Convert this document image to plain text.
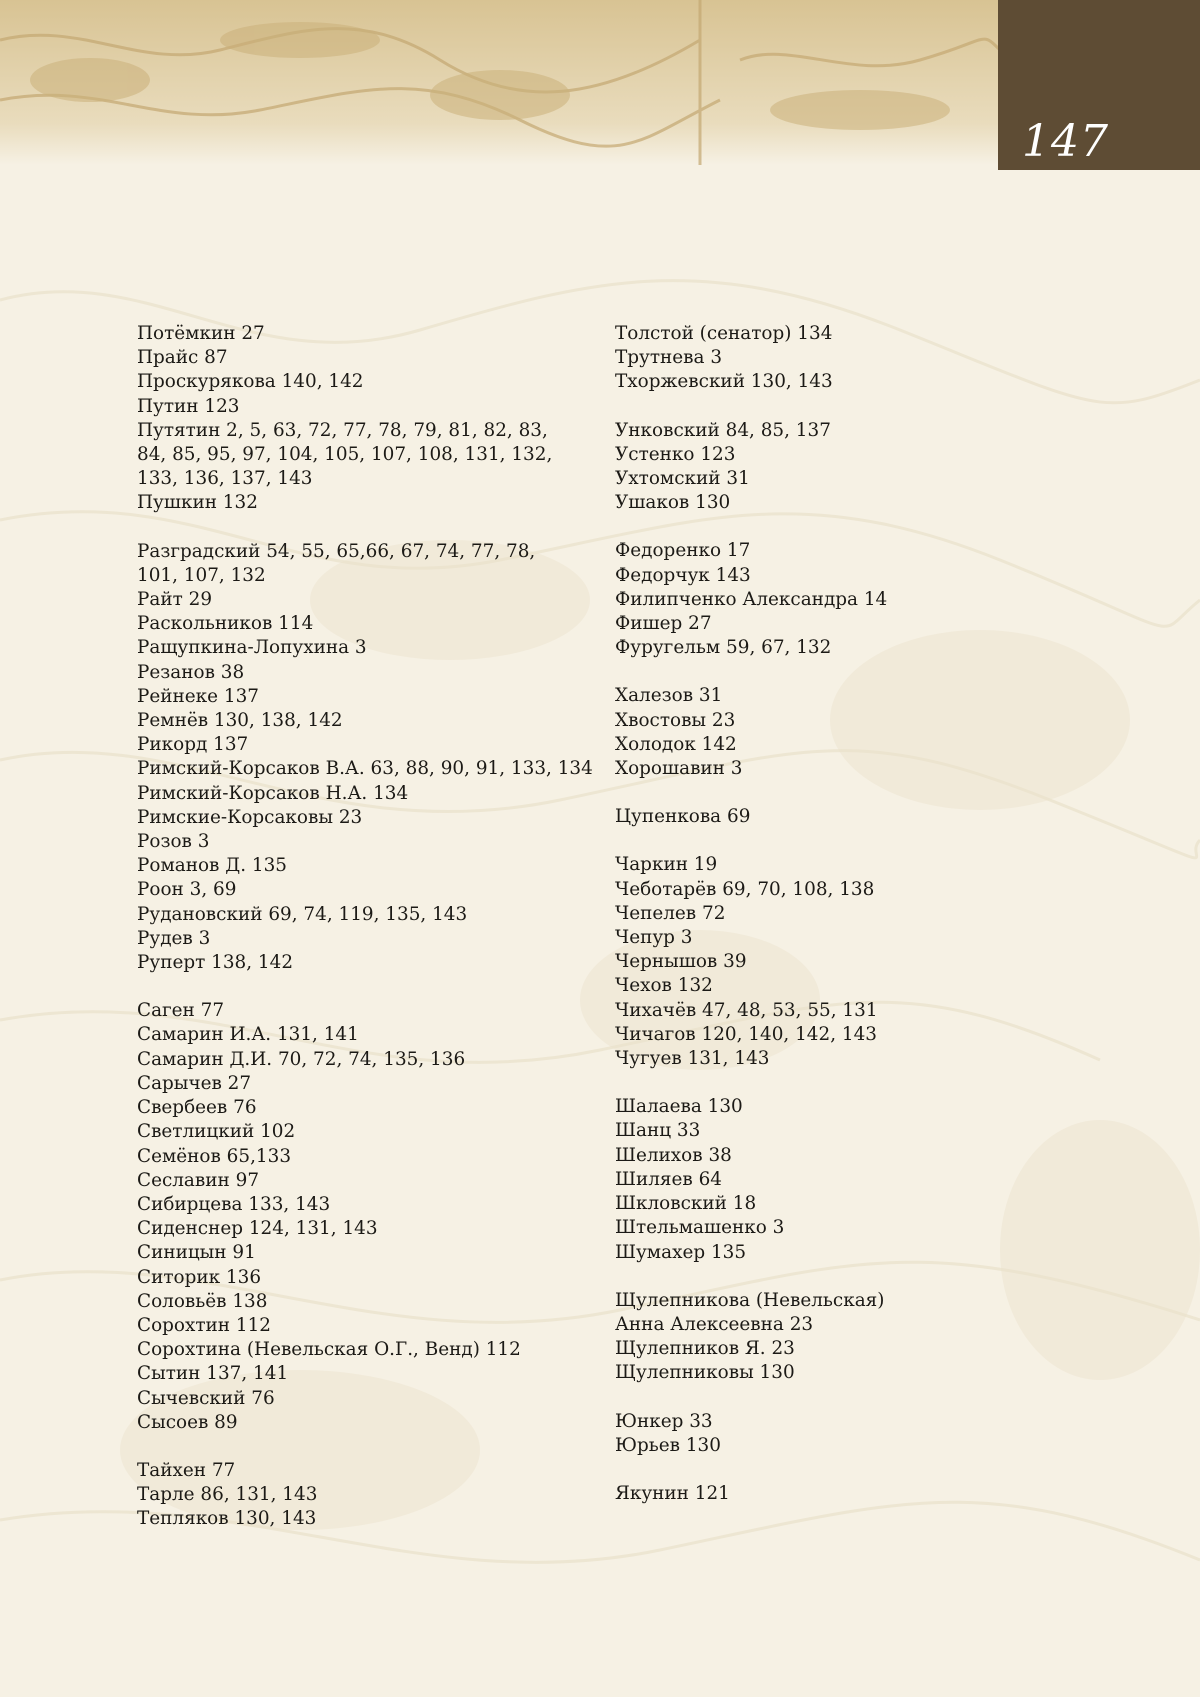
147
Потёмкин 27
Прайс 87
Проскурякова 140, 142
Путин 123
Путятин 2, 5, 63, 72, 77, 78, 79, 81, 82, 83,
84, 85, 95, 97, 104, 105, 107, 108, 131, 132,
133, 136, 137, 143
Пушкин 132
Разградский 54, 55, 65,66, 67, 74, 77, 78,
101, 107, 132
Райт 29
Раскольников 114
Ращупкина-Лопухина 3
Резанов 38
Рейнеке 137
Ремнёв 130, 138, 142
Рикорд 137
Римский-Корсаков В.А. 63, 88, 90, 91, 133, 134
Римский-Корсаков Н.А. 134
Римские-Корсаковы 23
Розов 3
Романов Д. 135
Роон 3, 69
Рудановский 69, 74, 119, 135, 143
Рудев 3
Руперт 138, 142
Саген 77
Самарин И.А. 131, 141
Самарин Д.И. 70, 72, 74, 135, 136
Сарычев 27
Свербеев 76
Светлицкий 102
Семёнов 65,133
Сеславин 97
Сибирцева 133, 143
Сиденснер 124, 131, 143
Синицын 91
Ситорик 136
Соловьёв 138
Сорохтин 112
Сорохтина (Невельская О.Г., Венд) 112
Сытин 137, 141
Сычевский 76
Сысоев 89
Тайхен 77
Тарле 86, 131, 143
Тепляков 130, 143
Толстой (сенатор) 134
Трутнева 3
Тхоржевский 130, 143
Унковский 84, 85, 137
Устенко 123
Ухтомский 31
Ушаков 130
Федоренко 17
Федорчук 143
Филипченко Александра 14
Фишер 27
Фуругельм 59, 67, 132
Халезов 31
Хвостовы 23
Холодок 142
Хорошавин 3
Цупенкова 69
Чаркин 19
Чеботарёв 69, 70, 108, 138
Чепелев 72
Чепур 3
Чернышов 39
Чехов 132
Чихачёв 47, 48, 53, 55, 131
Чичагов 120, 140, 142, 143
Чугуев 131, 143
Шалаева 130
Шанц 33
Шелихов 38
Шиляев 64
Шкловский 18
Штельмашенко 3
Шумахер 135
Щулепникова (Невельская)
Анна Алексеевна 23
Щулепников Я. 23
Щулепниковы 130
Юнкер 33
Юрьев 130
Якунин 121
